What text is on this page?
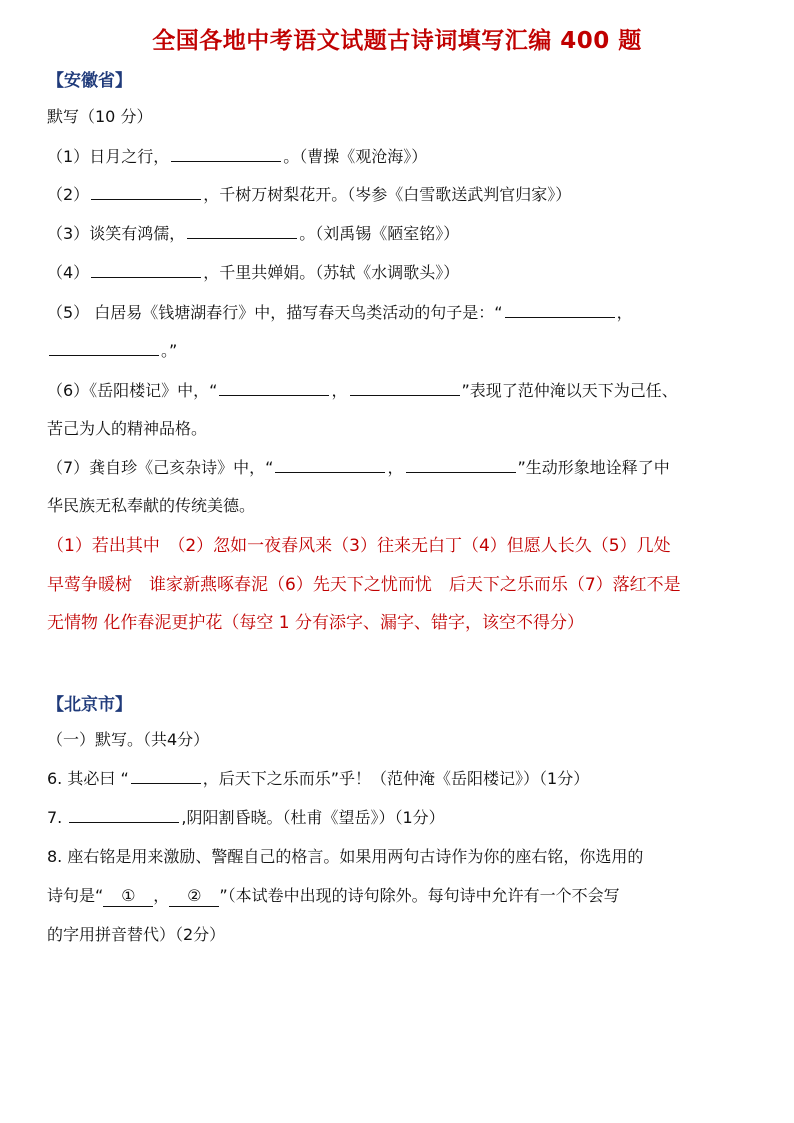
全国各地中考语文试题古诗词填写汇编 400 题
【安徽省】
默写（10 分）
（1）日月之行，	。（曹操《观沧海》）
（2）	，千树万树梨花开。（岑参《白雪歌送武判官归家》）
（3）谈笑有鸿儒，	。（刘禹锡《陋室铭》）
（4）	，千里共婵娟。（苏轼《水调歌头》）
（5） 白居易《钱塘湖春行》中，描写春天鸟类活动的句子是：“	，
。”
（6）《岳阳楼记》中，“	，	”表现了范仲淹以天下为己任、
苦己为人的精神品格。
（7）龚自珍《己亥杂诗》中，“	，	”生动形象地诠释了中
华民族无私奉献的传统美德。
（1）若出其中　（2）忽如一夜春风来（3）往来无白丁（4）但愿人长久（5）几处
早莺争暖树　谁家新燕啄春泥（6）先天下之忧而忧　后天下之乐而乐（7）落红不是
无情物 化作春泥更护花（每空 1 分有添字、漏字、错字，该空不得分）
【北京市】
（一）默写。（共4分）
6. 其必曰 “	，后天下之乐而乐”乎！（范仲淹《岳阳楼记》）（1分）
7.	,阴阳割昏晓。（杜甫《望岳》）（1分）
8. 座右铭是用来激励、警醒自己的格言。如果用两句古诗作为你的座右铭，你选用的
诗句是“ ① ， ② ”（本试卷中出现的诗句除外。每句诗中允许有一个不会写
的字用拼音替代）（2分）
